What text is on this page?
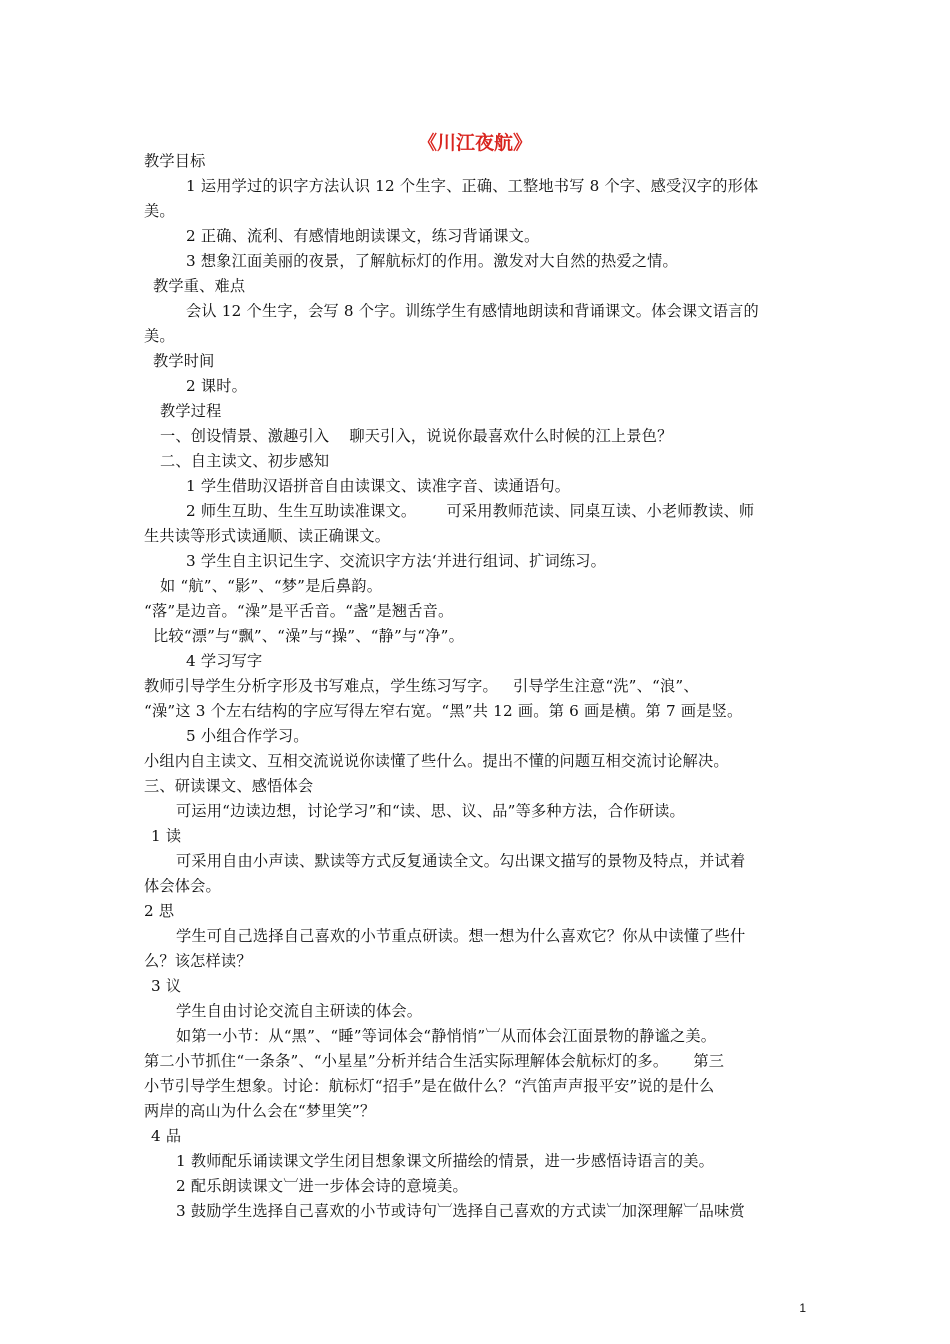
《川江夜航》

教学目标

1 运用学过的识字方法认识 12 个生字、正确、工整地书写 8 个字、感受汉字的形体

美。

2 正确、流利、有感情地朗读课文，练习背诵课文。

3 想象江面美丽的夜景，了解航标灯的作用。激发对大自然的热爱之情。

教学重、难点

会认 12 个生字，会写 8 个字。训练学生有感情地朗读和背诵课文。体会课文语言的

美。

教学时间

2 课时。

教学过程

一、创设情景、激趣引入    聊天引入，说说你最喜欢什么时候的江上景色？

二、自主读文、初步感知

1 学生借助汉语拼音自由读课文、读准字音、读通语句。

2 师生互助、生生互助读准课文。      可采用教师范读、同桌互读、小老师教读、师

生共读等形式读通顺、读正确课文。

3 学生自主识记生字、交流识字方法‘并进行组词、扩词练习。

如 “航”、“影”、“梦”是后鼻韵。

“落”是边音。“澡”是平舌音。“盏”是翘舌音。

比较“漂”与“飘”、“澡”与“操”、“静”与“净”。

4 学习写字

教师引导学生分析字形及书写难点，学生练习写字。   引导学生注意“洗”、“浪”、

“澡”这 3 个左右结构的字应写得左窄右宽。“黑”共 12 画。第 6 画是横。第 7 画是竖。

5 小组合作学习。

小组内自主读文、互相交流说说你读懂了些什么。提出不懂的问题互相交流讨论解决。

三、研读课文、感悟体会

可运用“边读边想，讨论学习”和“读、思、议、品”等多种方法，合作研读。

1 读

可采用自由小声读、默读等方式反复通读全文。勾出课文描写的景物及特点，并试着

体会体会。

2 思

学生可自己选择自己喜欢的小节重点研读。想一想为什么喜欢它？你从中读懂了些什

么？该怎样读？

3 议

学生自由讨论交流自主研读的体会。

如第一小节：从“黑”、“睡”等词体会“静悄悄”︺从而体会江面景物的静谧之美。

第二小节抓住“一条条”、“小星星”分析并结合生活实际理解体会航标灯的多。     第三

小节引导学生想象。讨论：航标灯“招手”是在做什么？“汽笛声声报平安”说的是什么

两岸的高山为什么会在“梦里笑”？

4 品

1 教师配乐诵读课文学生闭目想象课文所描绘的情景，进一步感悟诗语言的美。

2 配乐朗读课文︺进一步体会诗的意境美。

3 鼓励学生选择自己喜欢的小节或诗句︺选择自己喜欢的方式读︺加深理解︺品味赏

1
